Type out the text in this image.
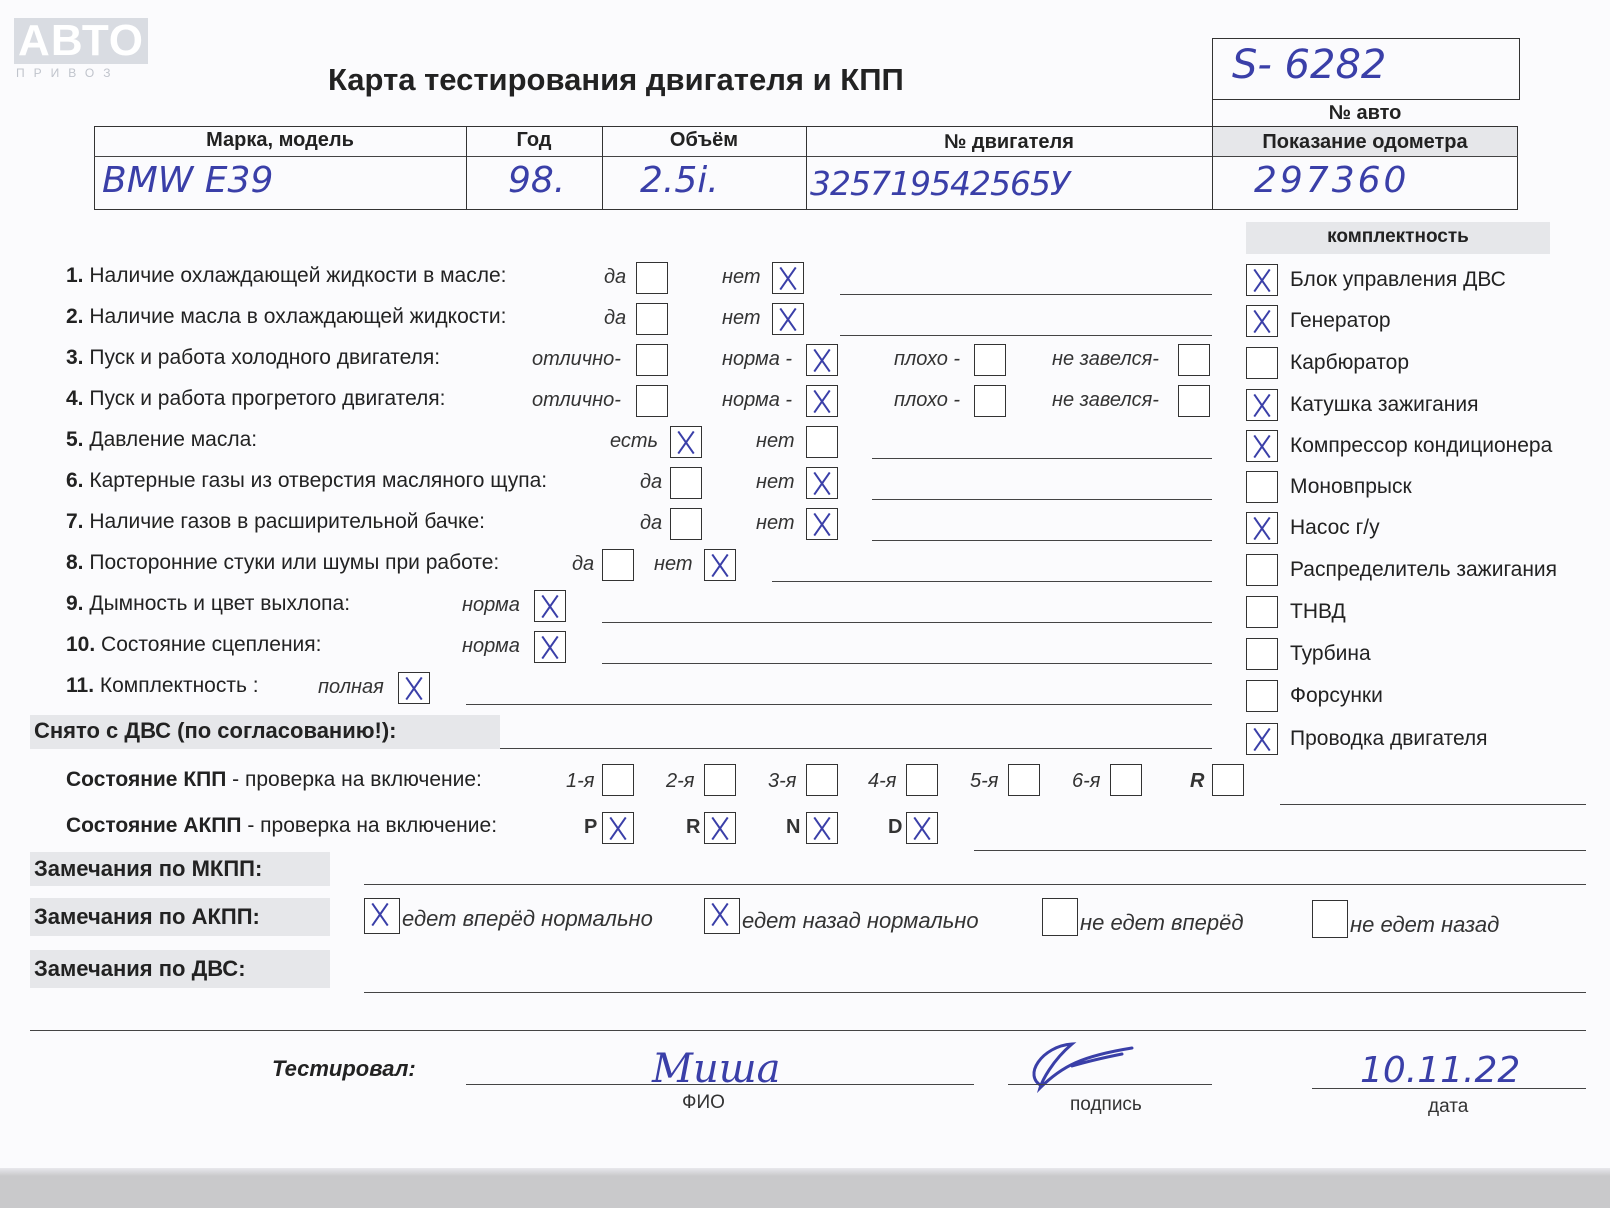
АВТО
ПРИВОЗ	Карта тестирования двигателя и КПП	S- 6282
№ авто
Марка, модель	Год	Объём	№ двигателя	Показание одометра
BMW E39	98. 2.5i.	325719542565У	297360
1. Наличие охлаждающей жидкости в масле:	да	нет
2. Наличие масла в охлаждающей жидкости:	да	нет
3. Пуск и работа холодного двигателя:	отлично-	норма -	плохо -	не завелся-
4. Пуск и работа прогретого двигателя:	отлично-	норма -	плохо -	не завелся-
5. Давление масла:	есть	нет
6. Картерные газы из отверстия масляного щупа:	да	нет
7. Наличие газов в расширительной бачке:	да	нет
8. Посторонние стуки или шумы при работе:	да	нет
9. Дымность и цвет выхлопа:	норма
10. Состояние сцепления:	норма
11. Комплектность :	полная
Снято с ДВС (по согласованию!):
Состояние КПП - проверка на включение:	1-я	2-я	3-я	4-я	5-я	6-я	R
Состояние АКПП - проверка на включение:	P	R	N	D
Замечания по МКПП:
Замечания по АКПП:	едет вперёд нормально	едет назад нормально	не едет вперёд	не едет назад
Замечания по ДВС:
комплектность
Блок управления ДВС
Генератор
Карбюратор
Катушка зажигания
Компрессор кондиционера
Моновпрыск
Насос г/у
Распределитель зажигания
ТНВД
Турбина
Форсунки
Проводка двигателя
Тестировал:	Миша
ФИО	подпись
10.11.22
дата
